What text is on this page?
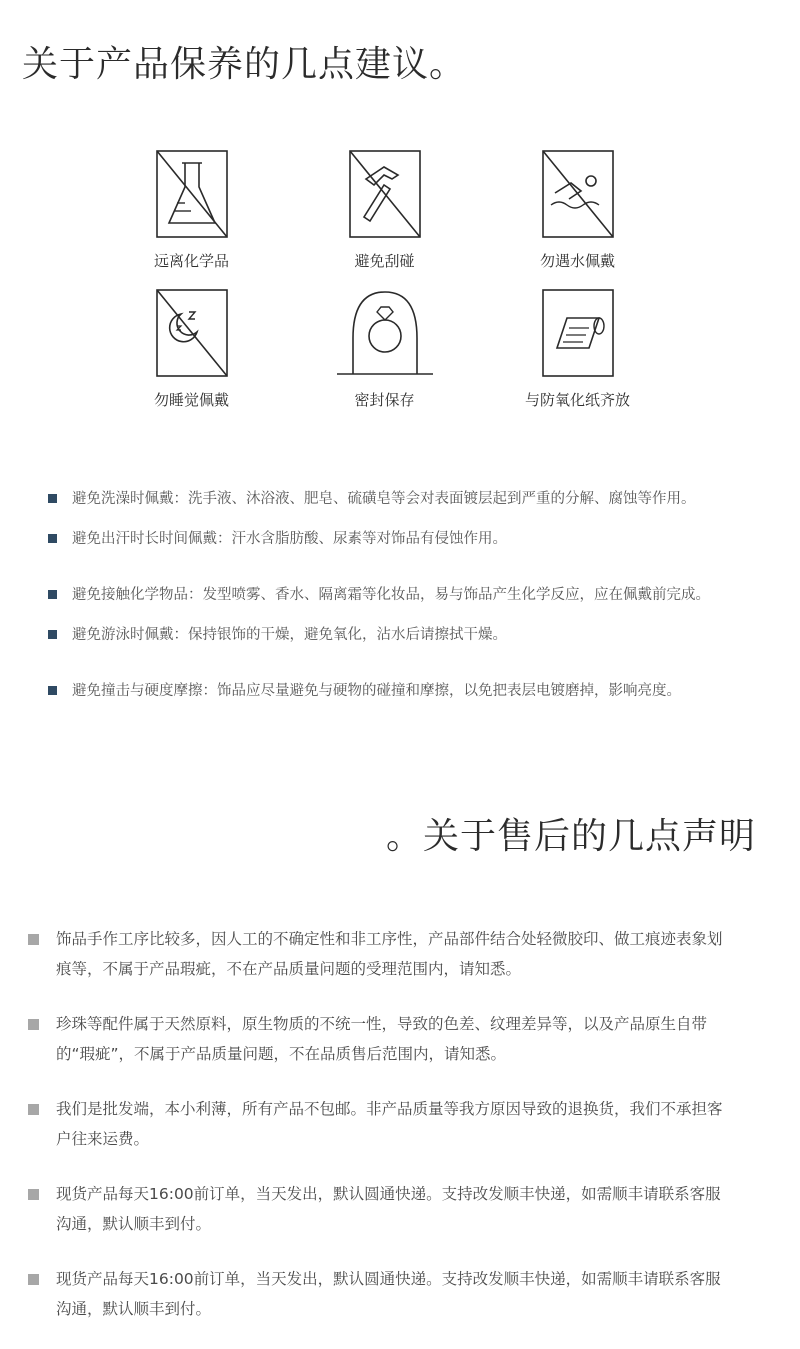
关于产品保养的几点建议。
远离化学品	避免刮碰	勿遇水佩戴
勿睡觉佩戴	密封保存	与防氧化纸齐放
避免洗澡时佩戴：洗手液、沐浴液、肥皂、硫磺皂等会对表面镀层起到严重的分解、腐蚀等作用。
避免出汗时长时间佩戴：汗水含脂肪酸、尿素等对饰品有侵蚀作用。
避免接触化学物品：发型喷雾、香水、隔离霜等化妆品，易与饰品产生化学反应，应在佩戴前完成。
避免游泳时佩戴：保持银饰的干燥，避免氧化，沾水后请擦拭干燥。
避免撞击与硬度摩擦：饰品应尽量避免与硬物的碰撞和摩擦，以免把表层电镀磨掉，影响亮度。
。关于售后的几点声明
饰品手作工序比较多，因人工的不确定性和非工序性，产品部件结合处轻微胶印、做工痕迹表象划痕等，不属于产品瑕疵，不在产品质量问题的受理范围内，请知悉。
珍珠等配件属于天然原料，原生物质的不统一性，导致的色差、纹理差异等，以及产品原生自带的“瑕疵”，不属于产品质量问题，不在品质售后范围内，请知悉。
我们是批发端，本小利薄，所有产品不包邮。非产品质量等我方原因导致的退换货，我们不承担客户往来运费。
现货产品每天16:00前订单，当天发出，默认圆通快递。支持改发顺丰快递，如需顺丰请联系客服沟通，默认顺丰到付。
现货产品每天16:00前订单，当天发出，默认圆通快递。支持改发顺丰快递，如需顺丰请联系客服沟通，默认顺丰到付。
